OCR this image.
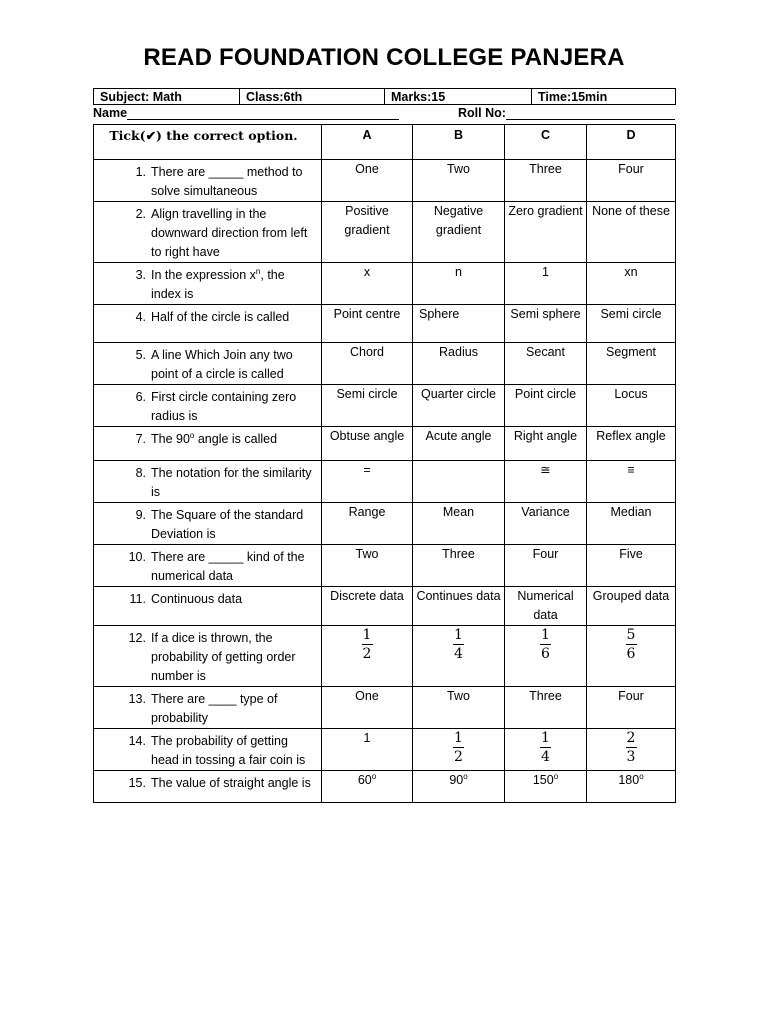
READ FOUNDATION COLLEGE PANJERA
Subject: Math	Class:6th	Marks:15	Time:15min
Name	Roll No:
Tick(✔) the correct option.	A	B	C	D

1. There are _____ method to solve simultaneous	One	Two	Three	Four

2. Align travelling in the downward direction from left to right have	Positive gradient	Negative gradient	Zero gradient	None of these

3. In the expression $x^n$, the index is	x	n	1	xn

4. Half of the circle is called	Point centre	Sphere	Semi sphere	Semi circle

5. A line Which Join any two point of a circle is called	Chord	Radius	Secant	Segment

6. First circle containing zero radius is	Semi circle	Quarter circle	Point circle	Locus

7. The 90$^o$ angle is called	Obtuse angle	Acute angle	Right angle	Reflex angle

8. The notation for the similarity is	=		≅	≡

9. The Square of the standard Deviation is	Range	Mean	Variance	Median

10. There are _____ kind of the numerical data	Two	Three	Four	Five

11. Continuous data	Discrete data	Continues data	Numerical data	Grouped data

12. If a dice is thrown, the probability of getting order number is	$\frac{1}{2}$	$\frac{1}{4}$	$\frac{1}{6}$	$\frac{5}{6}$

13. There are ____ type of probability	One	Two	Three	Four

14. The probability of getting head in tossing a fair coin is	1	$\frac{1}{2}$	$\frac{1}{4}$	$\frac{2}{3}$

15. The value of straight angle is	60$^o$	90$^o$	150$^o$	180$^o$
